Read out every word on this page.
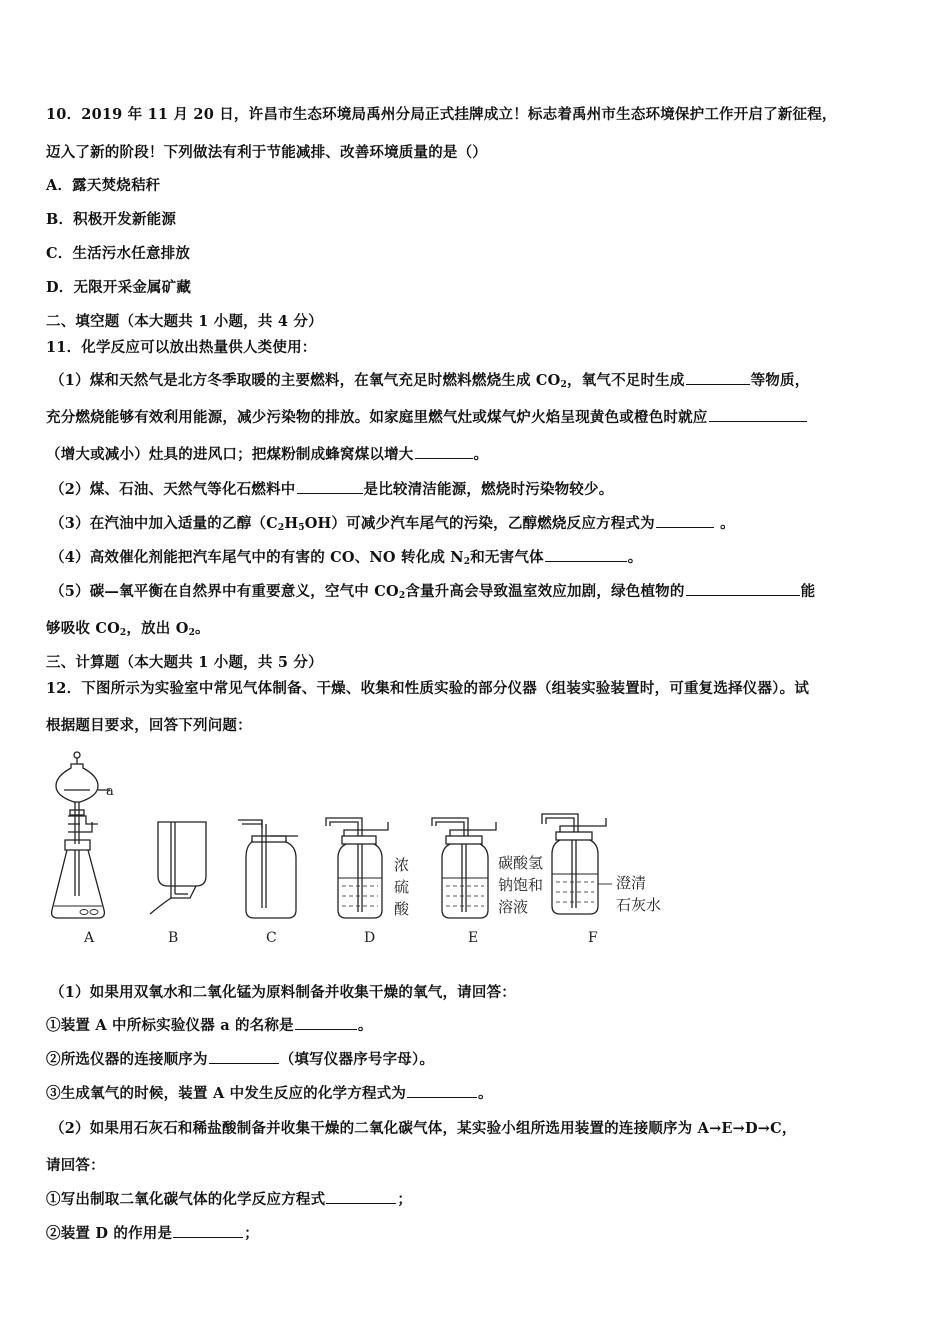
10．2019 年 11 月 20 日，许昌市生态环境局禹州分局正式挂牌成立！标志着禹州市生态环境保护工作开启了新征程，
迈入了新的阶段！下列做法有利于节能减排、改善环境质量的是（）
A．露天焚烧秸秆
B．积极开发新能源
C．生活污水任意排放
D．无限开采金属矿藏
二、填空题（本大题共 1 小题，共 4 分）
11．化学反应可以放出热量供人类使用：
（1）煤和天然气是北方冬季取暖的主要燃料，在氧气充足时燃料燃烧生成 $CO_2$，氧气不足时生成	等物质，
充分燃烧能够有效利用能源，减少污染物的排放。如家庭里燃气灶或煤气炉火焰呈现黄色或橙色时就应
（增大或减小）灶具的进风口；把煤粉制成蜂窝煤以增大	。
（2）煤、石油、天然气等化石燃料中	是比较清洁能源，燃烧时污染物较少。
（3）在汽油中加入适量的乙醇$(C_2H_5OH)$可减少汽车尾气的污染，乙醇燃烧反应方程式为	。
（4）高效催化剂能把汽车尾气中的有害的 CO、NO 转化成 $N_2$和无害气体	。
（5）碳—氧平衡在自然界中有重要意义，空气中 $CO_2$含量升高会导致温室效应加剧，绿色植物的	能
够吸收 $CO_2$，放出 $O_2$。
三、计算题（本大题共 1 小题，共 5 分）
12．下图所示为实验室中常见气体制备、干燥、收集和性质实验的部分仪器（组装实验装置时，可重复选择仪器）。试
根据题目要求，回答下列问题：
a
A	B	C	D	E	F
浓
硫
酸
碳酸氢
钠饱和
溶液
澄清
石灰水
（1）如果用双氧水和二氧化锰为原料制备并收集干燥的氧气，请回答：
①装置 A 中所标实验仪器 a 的名称是	。
②所选仪器的连接顺序为	（填写仪器序号字母）。
③生成氧气的时候，装置 A 中发生反应的化学方程式为	。
（2）如果用石灰石和稀盐酸制备并收集干燥的二氧化碳气体，某实验小组所选用装置的连接顺序为 A→E→D→C，
请回答：
①写出制取二氧化碳气体的化学反应方程式	；
②装置 D 的作用是	；
